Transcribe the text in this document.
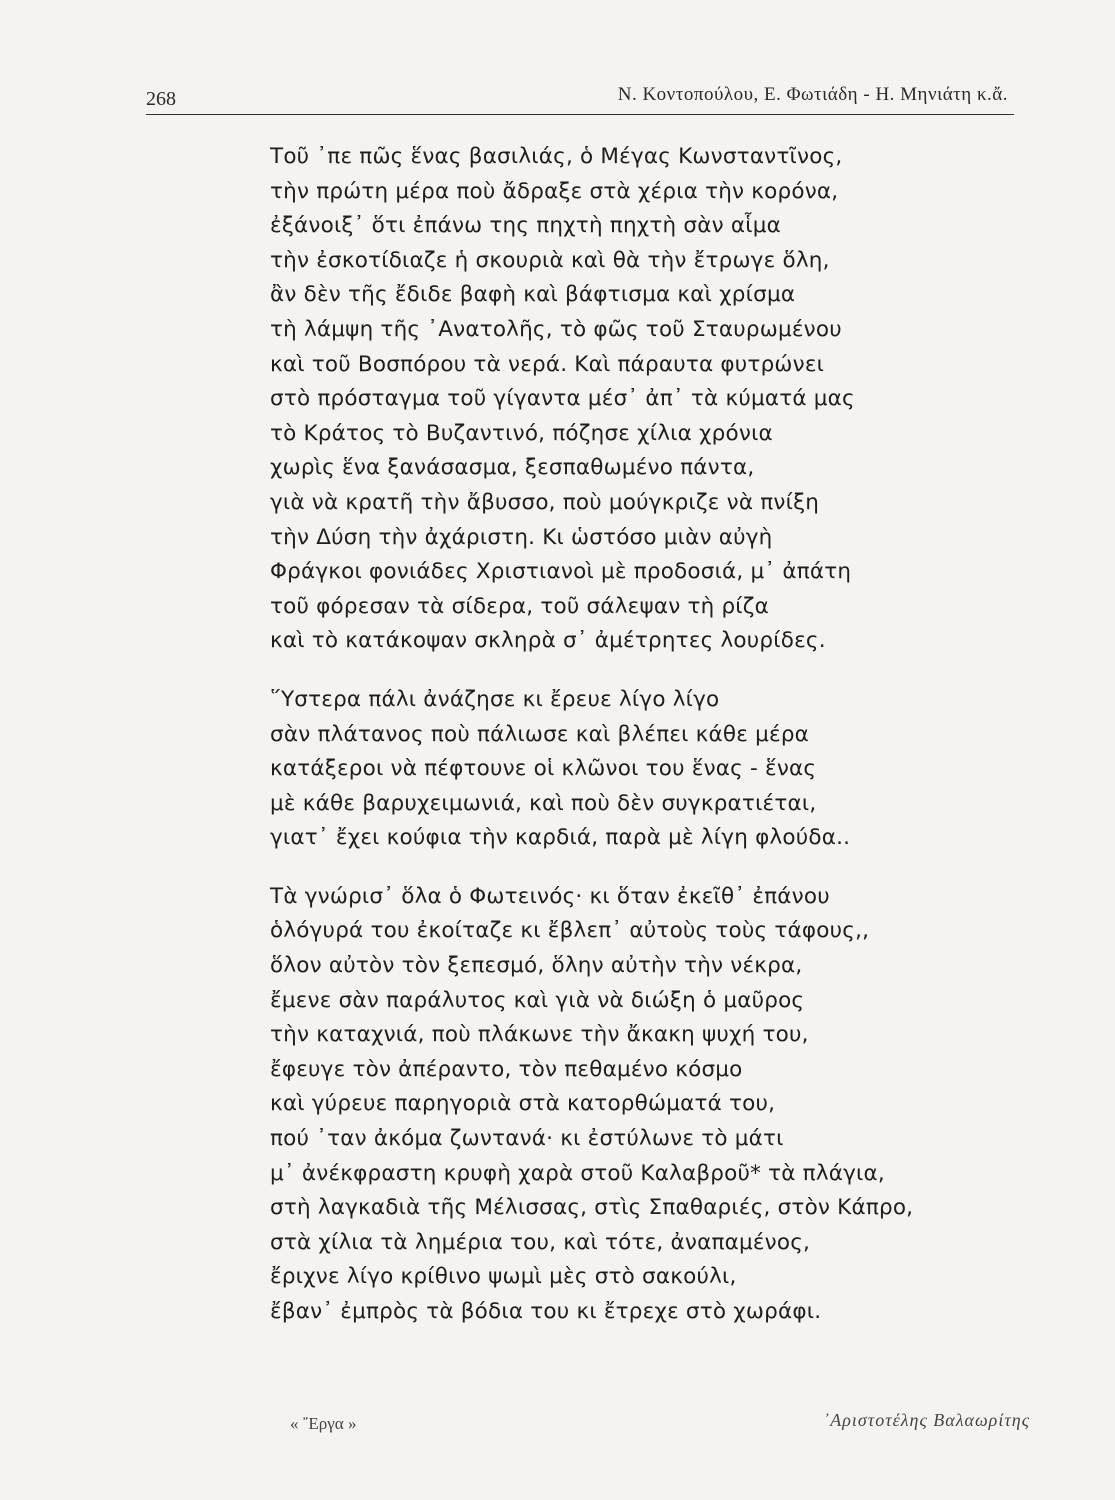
268	Ν. Κοντοπούλου, Ε. Φωτιάδη - Η. Μηνιάτη κ.ἄ.
Τοῦ ᾿πε πῶς ἕνας βασιλιάς, ὁ Μέγας Κωνσταντῖνος,
τὴν πρώτη μέρα ποὺ ἄδραξε στὰ χέρια τὴν κορόνα,
ἐξάνοιξ᾿ ὅτι ἐπάνω της πηχτὴ πηχτὴ σὰν αἷμα
τὴν ἐσκοτίδιαζε ἡ σκουριὰ καὶ θὰ τὴν ἔτρωγε ὅλη,
ἂν δὲν τῆς ἔδιδε βαφὴ καὶ βάφτισμα καὶ χρίσμα
τὴ λάμψη τῆς ᾿Ανατολῆς, τὸ φῶς τοῦ Σταυρωμένου
καὶ τοῦ Βοσπόρου τὰ νερά. Καὶ πάραυτα φυτρώνει
στὸ πρόσταγμα τοῦ γίγαντα μέσ᾿ ἀπ᾿ τὰ κύματά μας
τὸ Κράτος τὸ Βυζαντινό, πόζησε χίλια χρόνια
χωρὶς ἕνα ξανάσασμα, ξεσπαθωμένο πάντα,
γιὰ νὰ κρατῆ τὴν ἄβυσσο, ποὺ μούγκριζε νὰ πνίξη
τὴν Δύση τὴν ἀχάριστη. Κι ὡστόσο μιὰν αὐγὴ
Φράγκοι φονιάδες Χριστιανοὶ μὲ προδοσιά, μ᾿ ἀπάτη
τοῦ φόρεσαν τὰ σίδερα, τοῦ σάλεψαν τὴ ρίζα
καὶ τὸ κατάκοψαν σκληρὰ σ᾿ ἀμέτρητες λουρίδες.
῞Υστερα πάλι ἀνάζησε κι ἔρευε λίγο λίγο
σὰν πλάτανος ποὺ πάλιωσε καὶ βλέπει κάθε μέρα
κατάξεροι νὰ πέφτουνε οἱ κλῶνοι του ἕνας - ἕνας
μὲ κάθε βαρυχειμωνιά, καὶ ποὺ δὲν συγκρατιέται,
γιατ᾿ ἔχει κούφια τὴν καρδιά, παρὰ μὲ λίγη φλούδα..
Τὰ γνώρισ᾿ ὅλα ὁ Φωτεινός· κι ὅταν ἐκεῖθ᾿ ἐπάνου
ὁλόγυρά του ἐκοίταζε κι ἔβλεπ᾿ αὐτοὺς τοὺς τάφους,,
ὅλον αὐτὸν τὸν ξεπεσμό, ὅλην αὐτὴν τὴν νέκρα,
ἔμενε σὰν παράλυτος καὶ γιὰ νὰ διώξη ὁ μαῦρος
τὴν καταχνιά, ποὺ πλάκωνε τὴν ἄκακη ψυχή του,
ἔφευγε τὸν ἀπέραντο, τὸν πεθαμένο κόσμο
καὶ γύρευε παρηγοριὰ στὰ κατορθώματά του,
πού ᾿ταν ἀκόμα ζωντανά· κι ἐστύλωνε τὸ μάτι
μ᾿ ἀνέκφραστη κρυφὴ χαρὰ στοῦ Καλαβροῦ* τὰ πλάγια,
στὴ λαγκαδιὰ τῆς Μέλισσας, στὶς Σπαθαριές, στὸν Κάπρο,
στὰ χίλια τὰ λημέρια του, καὶ τότε, ἀναπαμένος,
ἔριχνε λίγο κρίθινο ψωμὶ μὲς στὸ σακούλι,
ἔβαν᾿ ἐμπρὸς τὰ βόδια του κι ἔτρεχε στὸ χωράφι.
« ῎Εργα »	᾿Αριστοτέλης Βαλαωρίτης
